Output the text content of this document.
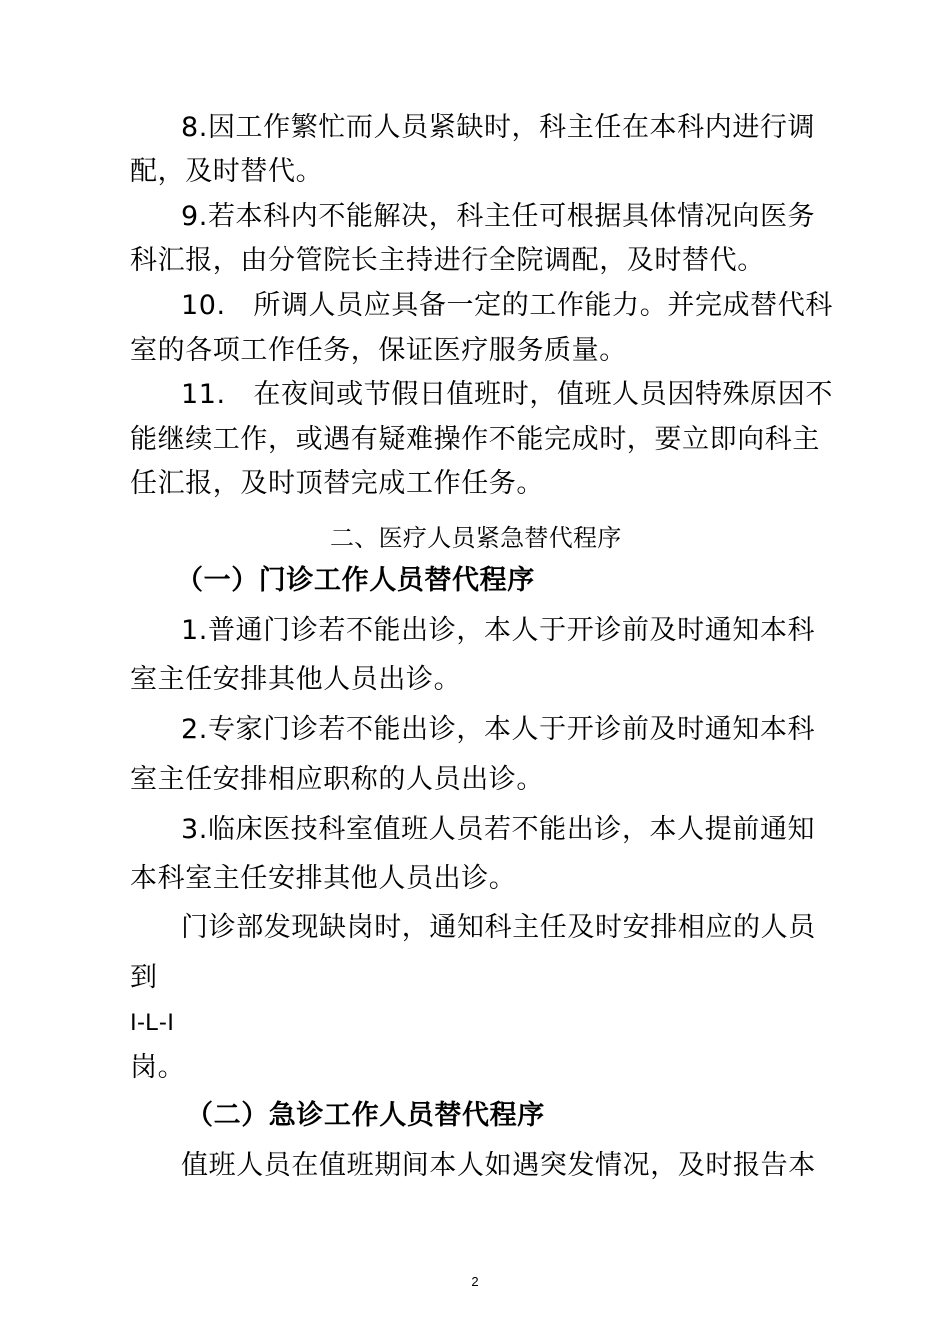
8.因工作繁忙而人员紧缺时，科主任在本科内进行调
配，及时替代。
9.若本科内不能解决，科主任可根据具体情况向医务
科汇报，由分管院长主持进行全院调配，及时替代。
10.　所调人员应具备一定的工作能力。并完成替代科
室的各项工作任务，保证医疗服务质量。
11.　在夜间或节假日值班时，值班人员因特殊原因不
能继续工作，或遇有疑难操作不能完成时，要立即向科主
任汇报，及时顶替完成工作任务。
二、医疗人员紧急替代程序
（一）门诊工作人员替代程序
1.普通门诊若不能出诊，本人于开诊前及时通知本科
室主任安排其他人员出诊。
2.专家门诊若不能出诊，本人于开诊前及时通知本科
室主任安排相应职称的人员出诊。
3.临床医技科室值班人员若不能出诊，本人提前通知
本科室主任安排其他人员出诊。
门诊部发现缺岗时，通知科主任及时安排相应的人员
到
I-L-I
岗。
（二）急诊工作人员替代程序
值班人员在值班期间本人如遇突发情况，及时报告本
2
